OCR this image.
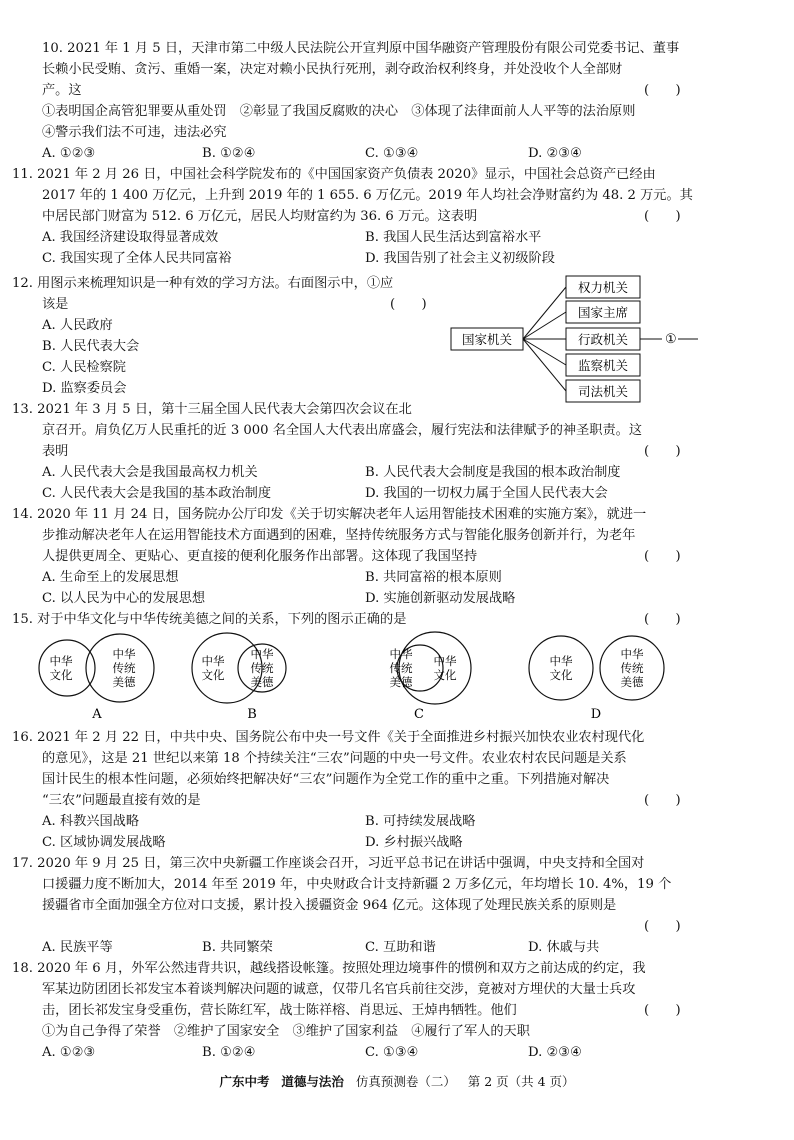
10. 2021 年 1 月 5 日，天津市第二中级人民法院公开宣判原中国华融资产管理股份有限公司党委书记、董事
长赖小民受贿、贪污、重婚一案，决定对赖小民执行死刑，剥夺政治权利终身，并处没收个人全部财
产。这	(　　)
①表明国企高管犯罪要从重处罚　②彰显了我国反腐败的决心　③体现了法律面前人人平等的法治原则
④警示我们法不可违，违法必究
A. ①②③	B. ①②④	C. ①③④	D. ②③④
11. 2021 年 2 月 26 日，中国社会科学院发布的《中国国家资产负债表 2020》显示，中国社会总资产已经由
2017 年的 1 400 万亿元，上升到 2019 年的 1 655. 6 万亿元。2019 年人均社会净财富约为 48. 2 万元。其
中居民部门财富为 512. 6 万亿元，居民人均财富约为 36. 6 万元。这表明	(　　)
A. 我国经济建设取得显著成效	B. 我国人民生活达到富裕水平
C. 我国实现了全体人民共同富裕	D. 我国告别了社会主义初级阶段
12. 用图示来梳理知识是一种有效的学习方法。右面图示中，①应
该是	(　　)
A. 人民政府
B. 人民代表大会
C. 人民检察院
D. 监察委员会
国家机关
权力机关
国家主席
行政机关
监察机关
司法机关
①
13. 2021 年 3 月 5 日，第十三届全国人民代表大会第四次会议在北
京召开。肩负亿万人民重托的近 3 000 名全国人大代表出席盛会，履行宪法和法律赋予的神圣职责。这
表明	(　　)
A. 人民代表大会是我国最高权力机关	B. 人民代表大会制度是我国的根本政治制度
C. 人民代表大会是我国的基本政治制度	D. 我国的一切权力属于全国人民代表大会
14. 2020 年 11 月 24 日，国务院办公厅印发《关于切实解决老年人运用智能技术困难的实施方案》，就进一
步推动解决老年人在运用智能技术方面遇到的困难，坚持传统服务方式与智能化服务创新并行，为老年
人提供更周全、更贴心、更直接的便利化服务作出部署。这体现了我国坚持	(　　)
A. 生命至上的发展思想	B. 共同富裕的根本原则
C. 以人民为中心的发展思想	D. 实施创新驱动发展战略
15. 对于中华文化与中华传统美德之间的关系，下列的图示正确的是	(　　)
中华文化
中华传统美德
A
中华文化
中华传统美德
B
中华传统美德
中华文化
C
中华文化
中华传统美德
D
16. 2021 年 2 月 22 日，中共中央、国务院公布中央一号文件《关于全面推进乡村振兴加快农业农村现代化
的意见》，这是 21 世纪以来第 18 个持续关注“三农”问题的中央一号文件。农业农村农民问题是关系
国计民生的根本性问题，必须始终把解决好“三农”问题作为全党工作的重中之重。下列措施对解决
“三农”问题最直接有效的是	(　　)
A. 科教兴国战略	B. 可持续发展战略
C. 区域协调发展战略	D. 乡村振兴战略
17. 2020 年 9 月 25 日，第三次中央新疆工作座谈会召开，习近平总书记在讲话中强调，中央支持和全国对
口援疆力度不断加大，2014 年至 2019 年，中央财政合计支持新疆 2 万多亿元，年均增长 10. 4%，19 个
援疆省市全面加强全方位对口支援，累计投入援疆资金 964 亿元。这体现了处理民族关系的原则是
(　　)
A. 民族平等	B. 共同繁荣	C. 互助和谐	D. 休戚与共
18. 2020 年 6 月，外军公然违背共识，越线搭设帐篷。按照处理边境事件的惯例和双方之前达成的约定，我
军某边防团团长祁发宝本着谈判解决问题的诚意，仅带几名官兵前往交涉，竟被对方埋伏的大量士兵攻
击，团长祁发宝身受重伤，营长陈红军，战士陈祥榕、肖思远、王焯冉牺牲。他们	(　　)
①为自己争得了荣誉　②维护了国家安全　③维护了国家利益　④履行了军人的天职
A. ①②③	B. ①②④	C. ①③④	D. ②③④
广东中考 道德与法治 仿真预测卷（二） 第 2 页（共 4 页）
